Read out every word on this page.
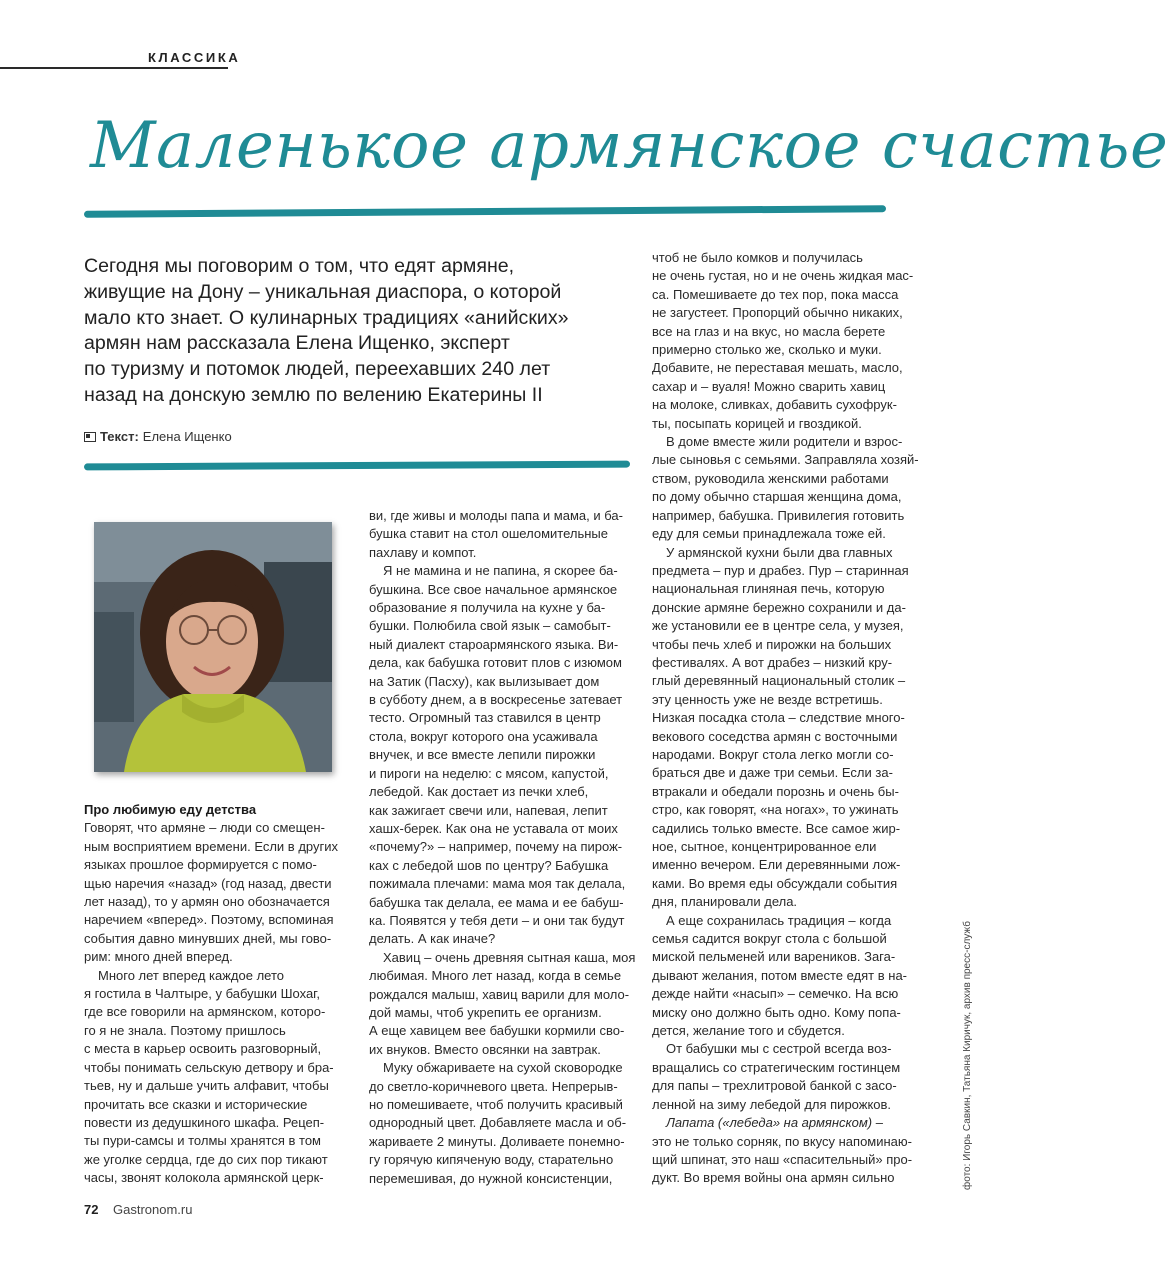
КЛАССИКА
Маленькое армянское счастье
Сегодня мы поговорим о том, что едят армяне,
живущие на Дону – уникальная диаспора, о которой
мало кто знает. О кулинарных традициях «анийских»
армян нам рассказала Елена Ищенко, эксперт
по туризму и потомок людей, переехавших 240 лет
назад на донскую землю по велению Екатерины II
Текст: Елена Ищенко
Про любимую еду детства
Говорят, что армяне – люди со смещен-
ным восприятием времени. Если в других
языках прошлое формируется с помо-
щью наречия «назад» (год назад, двести
лет назад), то у армян оно обозначается
наречием «вперед». Поэтому, вспоминая
события давно минувших дней, мы гово-
рим: много дней вперед.
Много лет вперед каждое лето
я гостила в Чалтыре, у бабушки Шохаг,
где все говорили на армянском, которо-
го я не знала. Поэтому пришлось
с места в карьер освоить разговорный,
чтобы понимать сельскую детвору и бра-
тьев, ну и дальше учить алфавит, чтобы
прочитать все сказки и исторические
повести из дедушкиного шкафа. Рецеп-
ты пури-самсы и толмы хранятся в том
же уголке сердца, где до сих пор тикают
часы, звонят колокола армянской церк-
ви, где живы и молоды папа и мама, и ба-
бушка ставит на стол ошеломительные
пахлаву и компот.
Я не мамина и не папина, я скорее ба-
бушкина. Все свое начальное армянское
образование я получила на кухне у ба-
бушки. Полюбила свой язык – самобыт-
ный диалект староармянского языка. Ви-
дела, как бабушка готовит плов с изюмом
на Затик (Пасху), как вылизывает дом
в субботу днем, а в воскресенье затевает
тесто. Огромный таз ставился в центр
стола, вокруг которого она усаживала
внучек, и все вместе лепили пирожки
и пироги на неделю: с мясом, капустой,
лебедой. Как достает из печки хлеб,
как зажигает свечи или, напевая, лепит
хашх-берек. Как она не уставала от моих
«почему?» – например, почему на пирож-
ках с лебедой шов по центру? Бабушка
пожимала плечами: мама моя так делала,
бабушка так делала, ее мама и ее бабуш-
ка. Появятся у тебя дети – и они так будут
делать. А как иначе?
Хавиц – очень древняя сытная каша, моя
любимая. Много лет назад, когда в семье
рождался малыш, хавиц варили для моло-
дой мамы, чтоб укрепить ее организм.
А еще хавицем вее бабушки кормили сво-
их внуков. Вместо овсянки на завтрак.
Муку обжариваете на сухой сковородке
до светло-коричневого цвета. Непрерыв-
но помешиваете, чтоб получить красивый
однородный цвет. Добавляете масла и об-
жариваете 2 минуты. Доливаете понемно-
гу горячую кипяченую воду, старательно
перемешивая, до нужной консистенции,
чтоб не было комков и получилась
не очень густая, но и не очень жидкая мас-
са. Помешиваете до тех пор, пока масса
не загустеет. Пропорций обычно никаких,
все на глаз и на вкус, но масла берете
примерно столько же, сколько и муки.
Добавите, не переставая мешать, масло,
сахар и – вуаля! Можно сварить хавиц
на молоке, сливках, добавить сухофрук-
ты, посыпать корицей и гвоздикой.
В доме вместе жили родители и взрос-
лые сыновья с семьями. Заправляла хозяй-
ством, руководила женскими работами
по дому обычно старшая женщина дома,
например, бабушка. Привилегия готовить
еду для семьи принадлежала тоже ей.
У армянской кухни были два главных
предмета – пур и драбез. Пур – старинная
национальная глиняная печь, которую
донские армяне бережно сохранили и да-
же установили ее в центре села, у музея,
чтобы печь хлеб и пирожки на больших
фестивалях. А вот драбез – низкий кру-
глый деревянный национальный столик –
эту ценность уже не везде встретишь.
Низкая посадка стола – следствие много-
векового соседства армян с восточными
народами. Вокруг стола легко могли со-
браться две и даже три семьи. Если за-
втракали и обедали порознь и очень бы-
стро, как говорят, «на ногах», то ужинать
садились только вместе. Все самое жир-
ное, сытное, концентрированное ели
именно вечером. Ели деревянными лож-
ками. Во время еды обсуждали события
дня, планировали дела.
А еще сохранилась традиция – когда
семья садится вокруг стола с большой
миской пельменей или вареников. Зага-
дывают желания, потом вместе едят в на-
дежде найти «насып» – семечко. На всю
миску оно должно быть одно. Кому попа-
дется, желание того и сбудется.
От бабушки мы с сестрой всегда воз-
вращались со стратегическим гостинцем
для папы – трехлитровой банкой с засо-
ленной на зиму лебедой для пирожков.
Лапата («лебеда» на армянском) –
это не только сорняк, по вкусу напоминаю-
щий шпинат, это наш «спасительный» про-
дукт. Во время войны она армян сильно	фото: Игорь Савкин, Татьяна Киричук, архив пресс-служб
72 Gastronom.ru
